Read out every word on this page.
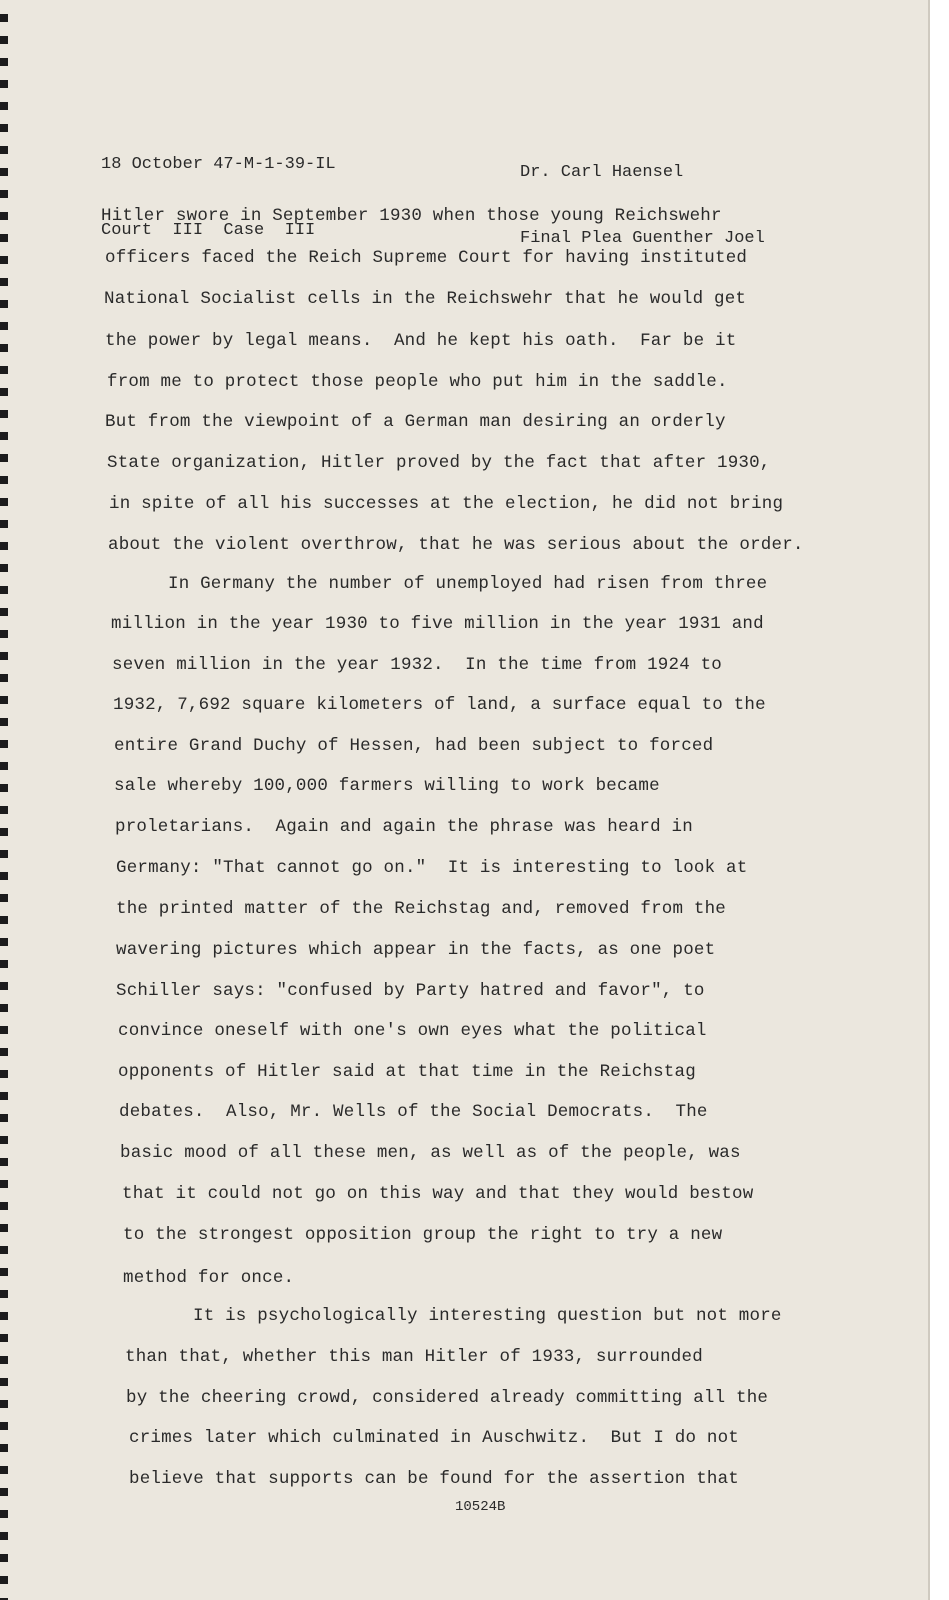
18 October 47-M-1-39-IL

Court  III  Case  III

Dr. Carl Haensel

Final Plea Guenther Joel

Hitler swore in September 1930 when those young Reichswehr
officers faced the Reich Supreme Court for having instituted
National Socialist cells in the Reichswehr that he would get
the power by legal means.  And he kept his oath.  Far be it
from me to protect those people who put him in the saddle.
But from the viewpoint of a German man desiring an orderly
State organization, Hitler proved by the fact that after 1930,
in spite of all his successes at the election, he did not bring
about the violent overthrow, that he was serious about the order.
In Germany the number of unemployed had risen from three
million in the year 1930 to five million in the year 1931 and
seven million in the year 1932.  In the time from 1924 to
1932, 7,692 square kilometers of land, a surface equal to the
entire Grand Duchy of Hessen, had been subject to forced
sale whereby 100,000 farmers willing to work became
proletarians.  Again and again the phrase was heard in
Germany: "That cannot go on."  It is interesting to look at
the printed matter of the Reichstag and, removed from the
wavering pictures which appear in the facts, as one poet
Schiller says: "confused by Party hatred and favor", to
convince oneself with one's own eyes what the political
opponents of Hitler said at that time in the Reichstag
debates.  Also, Mr. Wells of the Social Democrats.  The
basic mood of all these men, as well as of the people, was
that it could not go on this way and that they would bestow
to the strongest opposition group the right to try a new
method for once.
It is psychologically interesting question but not more
than that, whether this man Hitler of 1933, surrounded
by the cheering crowd, considered already committing all the
crimes later which culminated in Auschwitz.  But I do not
believe that supports can be found for the assertion that
10524B
